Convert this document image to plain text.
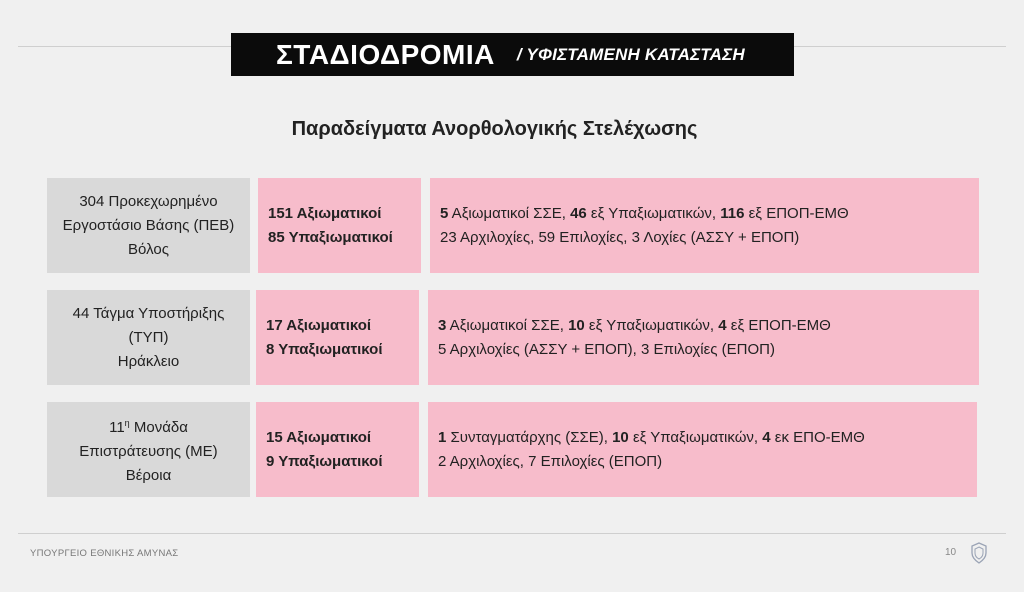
ΣΤΑΔΙΟΔΡΟΜΙΑ / ΥΦΙΣΤΑΜΕΝΗ ΚΑΤΑΣΤΑΣΗ
Παραδείγματα Ανορθολογικής Στελέχωσης
304 Προκεχωρημένο
Εργοστάσιο Βάσης (ΠΕΒ)
Βόλος
151 Αξιωματικοί
85 Υπαξιωματικοί
5 Αξιωματικοί ΣΣΕ, 46 εξ Υπαξιωματικών, 116 εξ ΕΠΟΠ-ΕΜΘ
23 Αρχιλοχίες, 59 Επιλοχίες, 3 Λοχίες (ΑΣΣΥ + ΕΠΟΠ)
44 Τάγμα Υποστήριξης
(ΤΥΠ)
Ηράκλειο
17 Αξιωματικοί
8 Υπαξιωματικοί
3 Αξιωματικοί ΣΣΕ, 10 εξ Υπαξιωματικών, 4 εξ ΕΠΟΠ-ΕΜΘ
5 Αρχιλοχίες (ΑΣΣΥ + ΕΠΟΠ), 3 Επιλοχίες (ΕΠΟΠ)
$11^\eta$ Μονάδα
Επιστράτευσης (ΜΕ)
Βέροια
15 Αξιωματικοί
9 Υπαξιωματικοί
1 Συνταγματάρχης (ΣΣΕ), 10 εξ Υπαξιωματικών, 4 εκ ΕΠΟ-ΕΜΘ
2 Αρχιλοχίες, 7 Επιλοχίες (ΕΠΟΠ)
ΥΠΟΥΡΓΕΙΟ ΕΘΝΙΚΗΣ ΑΜΥΝΑΣ	10
